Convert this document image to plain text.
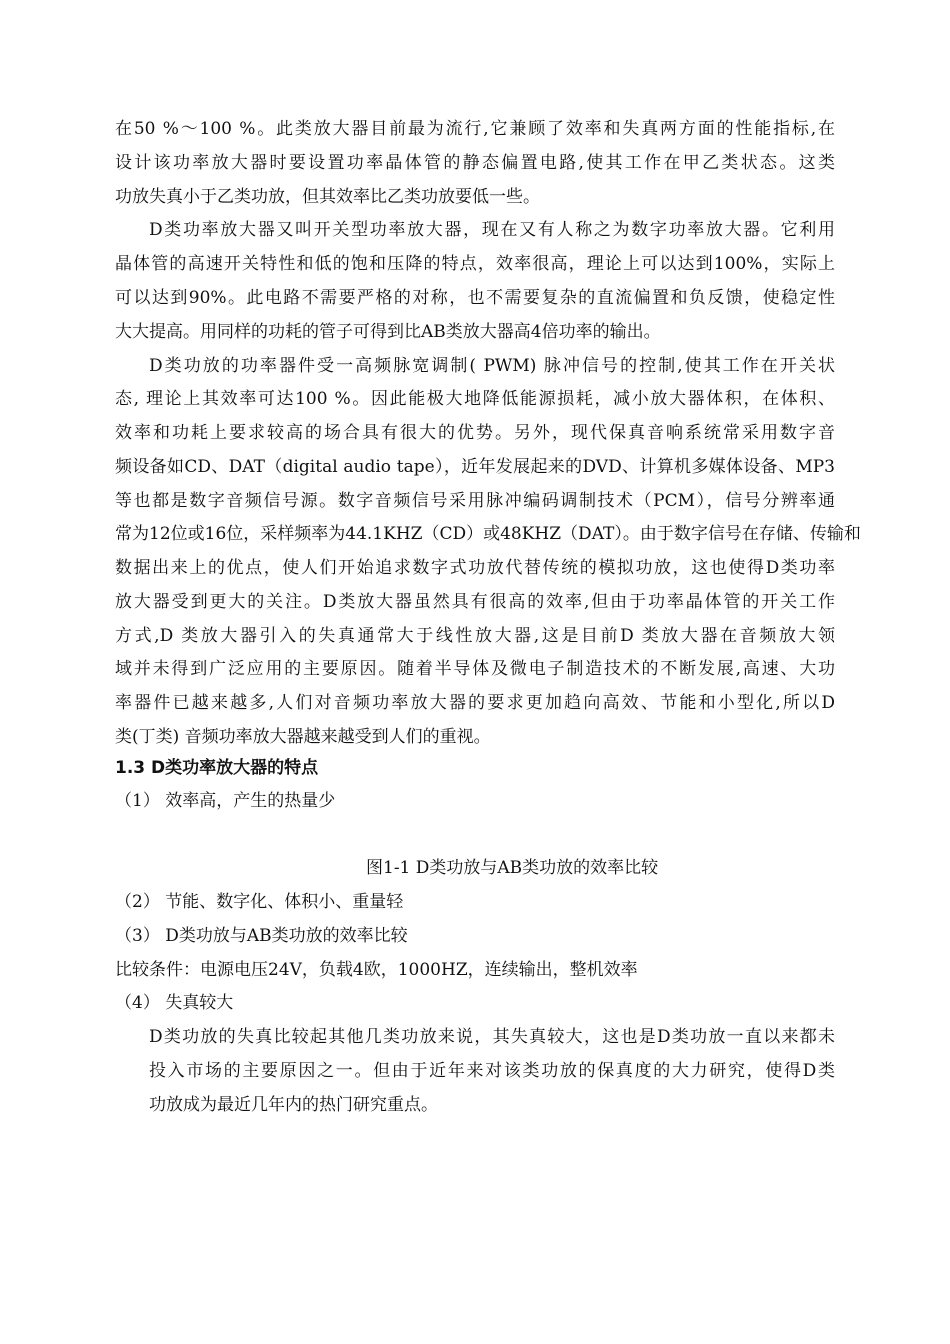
在50 %～100 %。此类放大器目前最为流行,它兼顾了效率和失真两方面的性能指标,在
设计该功率放大器时要设置功率晶体管的静态偏置电路,使其工作在甲乙类状态。这类
功放失真小于乙类功放，但其效率比乙类功放要低一些。
D类功率放大器又叫开关型功率放大器，现在又有人称之为数字功率放大器。它利用
晶体管的高速开关特性和低的饱和压降的特点，效率很高，理论上可以达到100%，实际上
可以达到90%。此电路不需要严格的对称，也不需要复杂的直流偏置和负反馈，使稳定性
大大提高。用同样的功耗的管子可得到比AB类放大器高4倍功率的输出。
D类功放的功率器件受一高频脉宽调制( PWM) 脉冲信号的控制,使其工作在开关状
态, 理论上其效率可达100 %。因此能极大地降低能源损耗，减小放大器体积，在体积、
效率和功耗上要求较高的场合具有很大的优势。另外，现代保真音响系统常采用数字音
频设备如CD、DAT（digital audio tape），近年发展起来的DVD、计算机多媒体设备、MP3
等也都是数字音频信号源。数字音频信号采用脉冲编码调制技术（PCM），信号分辨率通
常为12位或16位，采样频率为44.1KHZ（CD）或48KHZ（DAT）。由于数字信号在存储、传输和
数据出来上的优点，使人们开始追求数字式功放代替传统的模拟功放，这也使得D类功率
放大器受到更大的关注。D类放大器虽然具有很高的效率,但由于功率晶体管的开关工作
方式,D 类放大器引入的失真通常大于线性放大器,这是目前D 类放大器在音频放大领
域并未得到广泛应用的主要原因。随着半导体及微电子制造技术的不断发展,高速、大功
率器件已越来越多,人们对音频功率放大器的要求更加趋向高效、节能和小型化,所以D
类(丁类) 音频功率放大器越来越受到人们的重视。
1.3 D类功率放大器的特点
（1） 效率高，产生的热量少
图1-1 D类功放与AB类功放的效率比较
（2） 节能、数字化、体积小、重量轻
（3） D类功放与AB类功放的效率比较
比较条件：电源电压24V，负载4欧，1000HZ，连续输出，整机效率
（4） 失真较大
D类功放的失真比较起其他几类功放来说，其失真较大，这也是D类功放一直以来都未
投入市场的主要原因之一。但由于近年来对该类功放的保真度的大力研究，使得D类
功放成为最近几年内的热门研究重点。
